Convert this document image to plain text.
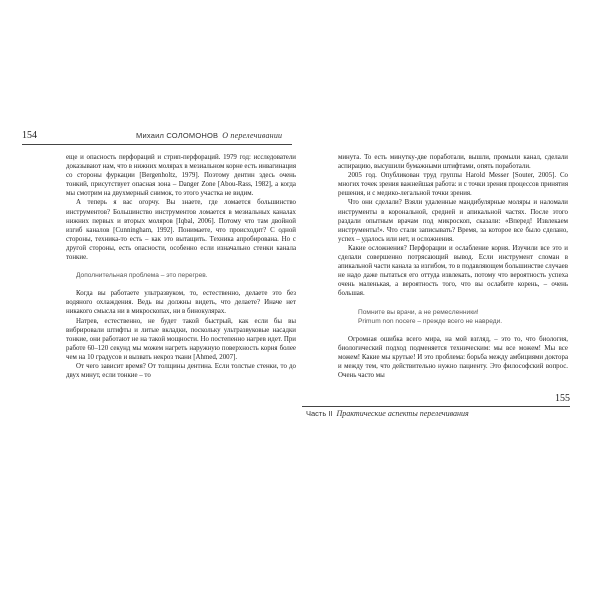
154	Михаил СОЛОМОНОВ О перелечивании

еще и опасность перфораций и стрип-перфораций. 1979 год: исследователи доказывают нам, что в нижних молярах в мезиальном корне есть инвагинация со стороны фуркации [Bergenholtz, 1979]. Поэтому дентин здесь очень тонкий, присутствует опасная зона – Danger Zone [Abou-Rass, 1982], а когда мы смотрим на двухмерный снимок, то этого участка не видим.

А теперь я вас огорчу. Вы знаете, где ломается большинство инструментов? Большинство инструментов ломается в мезиальных каналах нижних первых и вторых моляров [Iqbal, 2006]. Потому что там двойной изгиб каналов [Cunningham, 1992]. Понимаете, что происходит? С одной стороны, техника-то есть – как это вытащить. Техника апробирована. Но с другой стороны, есть опасности, особенно если изначально стенки канала тонкие.

Дополнительная проблема – это перегрев.

Когда вы работаете ультразвуком, то, естественно, делаете это без водяного охлаждения. Ведь вы должны видеть, что делаете? Иначе нет никакого смысла ни в микроскопах, ни в бинокулярах.

Натрев, естественно, не будет такой быстрый, как если бы вы вибрировали штифты и литые вкладки, поскольку ультразвуковые насадки тонкие, они работают не на такой мощности. Но постепенно нагрев идет. При работе 60–120 секунд мы можем нагреть наружную поверхность корня более чем на 10 градусов и вызвать некроз ткани [Ahmed, 2007].

От чего зависит время? От толщины дентина. Если толстые стенки, то до двух минут, если тонкие – то

минута. То есть минутку-две поработали, вышли, промыли канал, сделали аспирацию, высушили бумажными штифтами, опять поработали.

2005 год. Опубликован труд группы Harold Messer [Souter, 2005]. Со многих точек зрения важнейшая работа: и с точки зрения процессов принятия решения, и с медико-легальной точки зрения.

Что они сделали? Взяли удаленные мандибулярные моляры и наломали инструменты в корональной, средней и апикальной частях. После этого раздали опытным врачам под микроскоп, сказали: «Вперед! Извлекаем инструменты!». Что стали записывать? Время, за которое все было сделано, успех – удалось или нет, и осложнения.

Какие осложнения? Перфорации и ослабление корня. Изучили все это и сделали совершенно потрясающий вывод. Если инструмент сломан в апикальной части канала за изгибом, то в подавляющем большинстве случаев не надо даже пытаться его оттуда извлекать, потому что вероятность успеха очень маленькая, а вероятность того, что вы ослабите корень, – очень большая.

Помните вы врачи, а не ремесленники!

Primum non nocere – прежде всего не навреди.

Огромная ошибка всего мира, на мой взгляд, – это то, что биология, биологический подход подменяется техническим: мы все можем! Мы все можем! Какие мы крутые! И это проблема: борьба между амбициями доктора и между тем, что действительно нужно пациенту. Это философский вопрос. Очень часто мы

155
Часть II Практические аспекты перелечивания
